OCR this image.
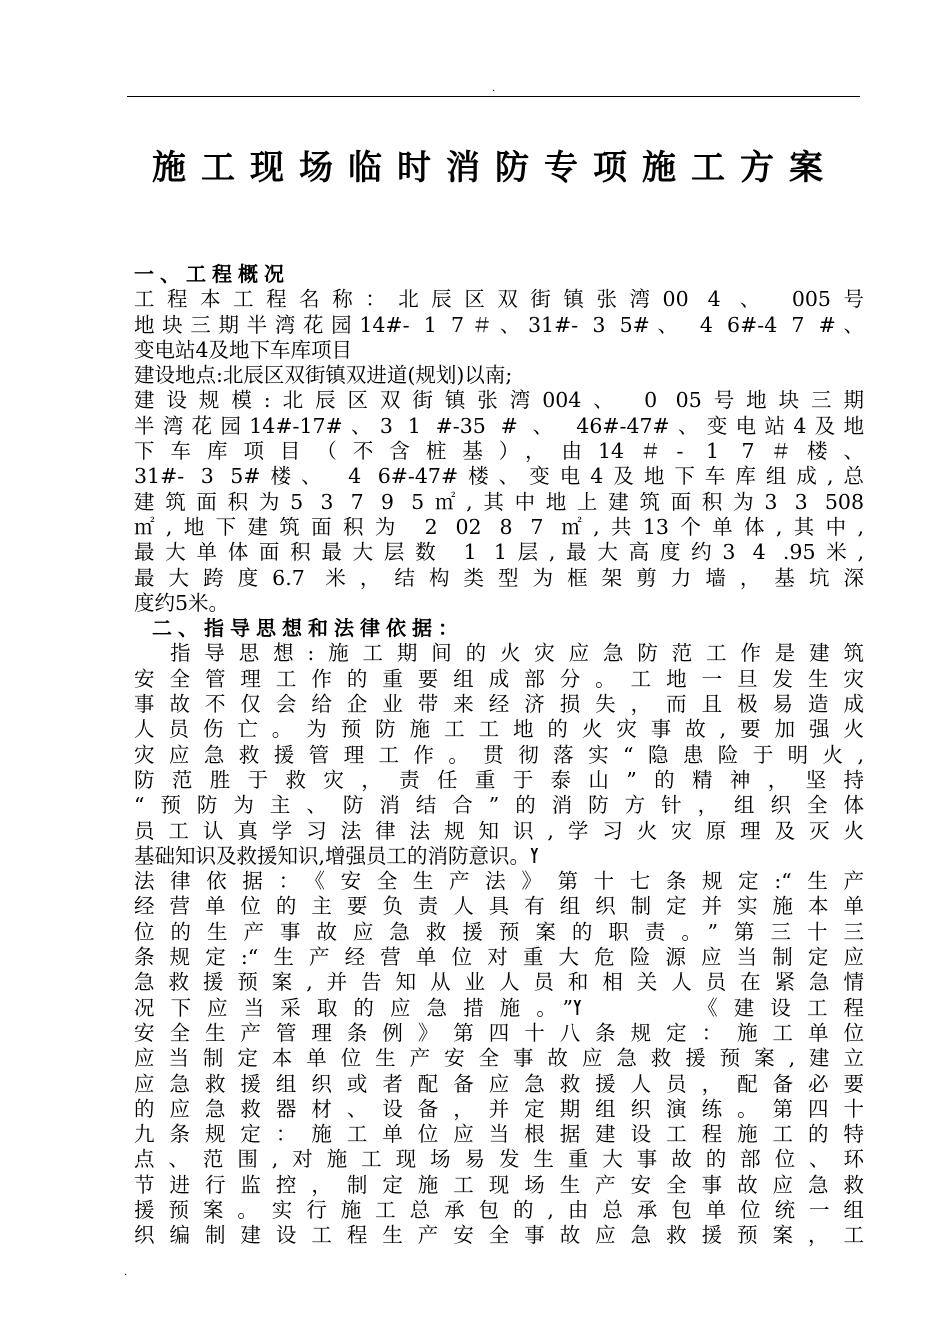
.
施工现场临时消防专项施工方案
一、工程概况
工程本工程名称：北辰区双街镇张湾00 4 、 005号
地块三期半湾花园14#- 1 7＃、31#- 3 5#、 4 6#-4 7 #、
变电站4及地下车库项目
建设地点:北辰区双街镇双进道(规划)以南;
建设规模:北辰区双街镇张湾004、 0 05号地块三期
半湾花园14#-17#、3 1 #-35 # 、 46#-47#、变电站4及地
下车库项目（不含桩基），由14＃- 1 7＃楼、
31#- 3 5#楼、 4 6#-47#楼、变电4及地下车库组成,总
建筑面积为5 3 7 9 5㎡,其中地上建筑面积为3 3 508
㎡,地下建筑面积为 2 02 8 7 ㎡,共13个单体,其中,
最大单体面积最大层数 1 1层,最大高度约3 4 .95米,
最大跨度6.7 米，结构类型为框架剪力墙，基坑深
度约5米。
二、指导思想和法律依据：
指导思想:施工期间的火灾应急防范工作是建筑
安全管理工作的重要组成部分。工地一旦发生灾
事故不仅会给企业带来经济损失，而且极易造成
人员伤亡。为预防施工工地的火灾事故,要加强火
灾应急救援管理工作。贯彻落实“隐患险于明火,
防范胜于救灾，责任重于泰山”的精神，坚持
“预防为主、防消结合”的消防方针，组织全体
员工认真学习法律法规知识,学习火灾原理及灭火
基础知识及救援知识,增强员工的消防意识。ߌ
法律依据：《安全生产法》第十七条规定:“生产
经营单位的主要负责人具有组织制定并实施本单
位的生产事故应急救援预案的职责。”第三十三
条规定:“生产经营单位对重大危险源应当制定应
急救援预案,并告知从业人员和相关人员在紧急情
况下应当采取的应急措施。”ߌ　　　《建设工程
安全生产管理条例》第四十八条规定：施工单位
应当制定本单位生产安全事故应急救援预案,建立
应急救援组织或者配备应急救援人员，配备必要
的应急救器材、设备，并定期组织演练。第四十
九条规定：施工单位应当根据建设工程施工的特
点、范围,对施工现场易发生重大事故的部位、环
节进行监控，制定施工现场生产安全事故应急救
援预案。实行施工总承包的,由总承包单位统一组
织编制建设工程生产安全事故应急救援预案，工
.
